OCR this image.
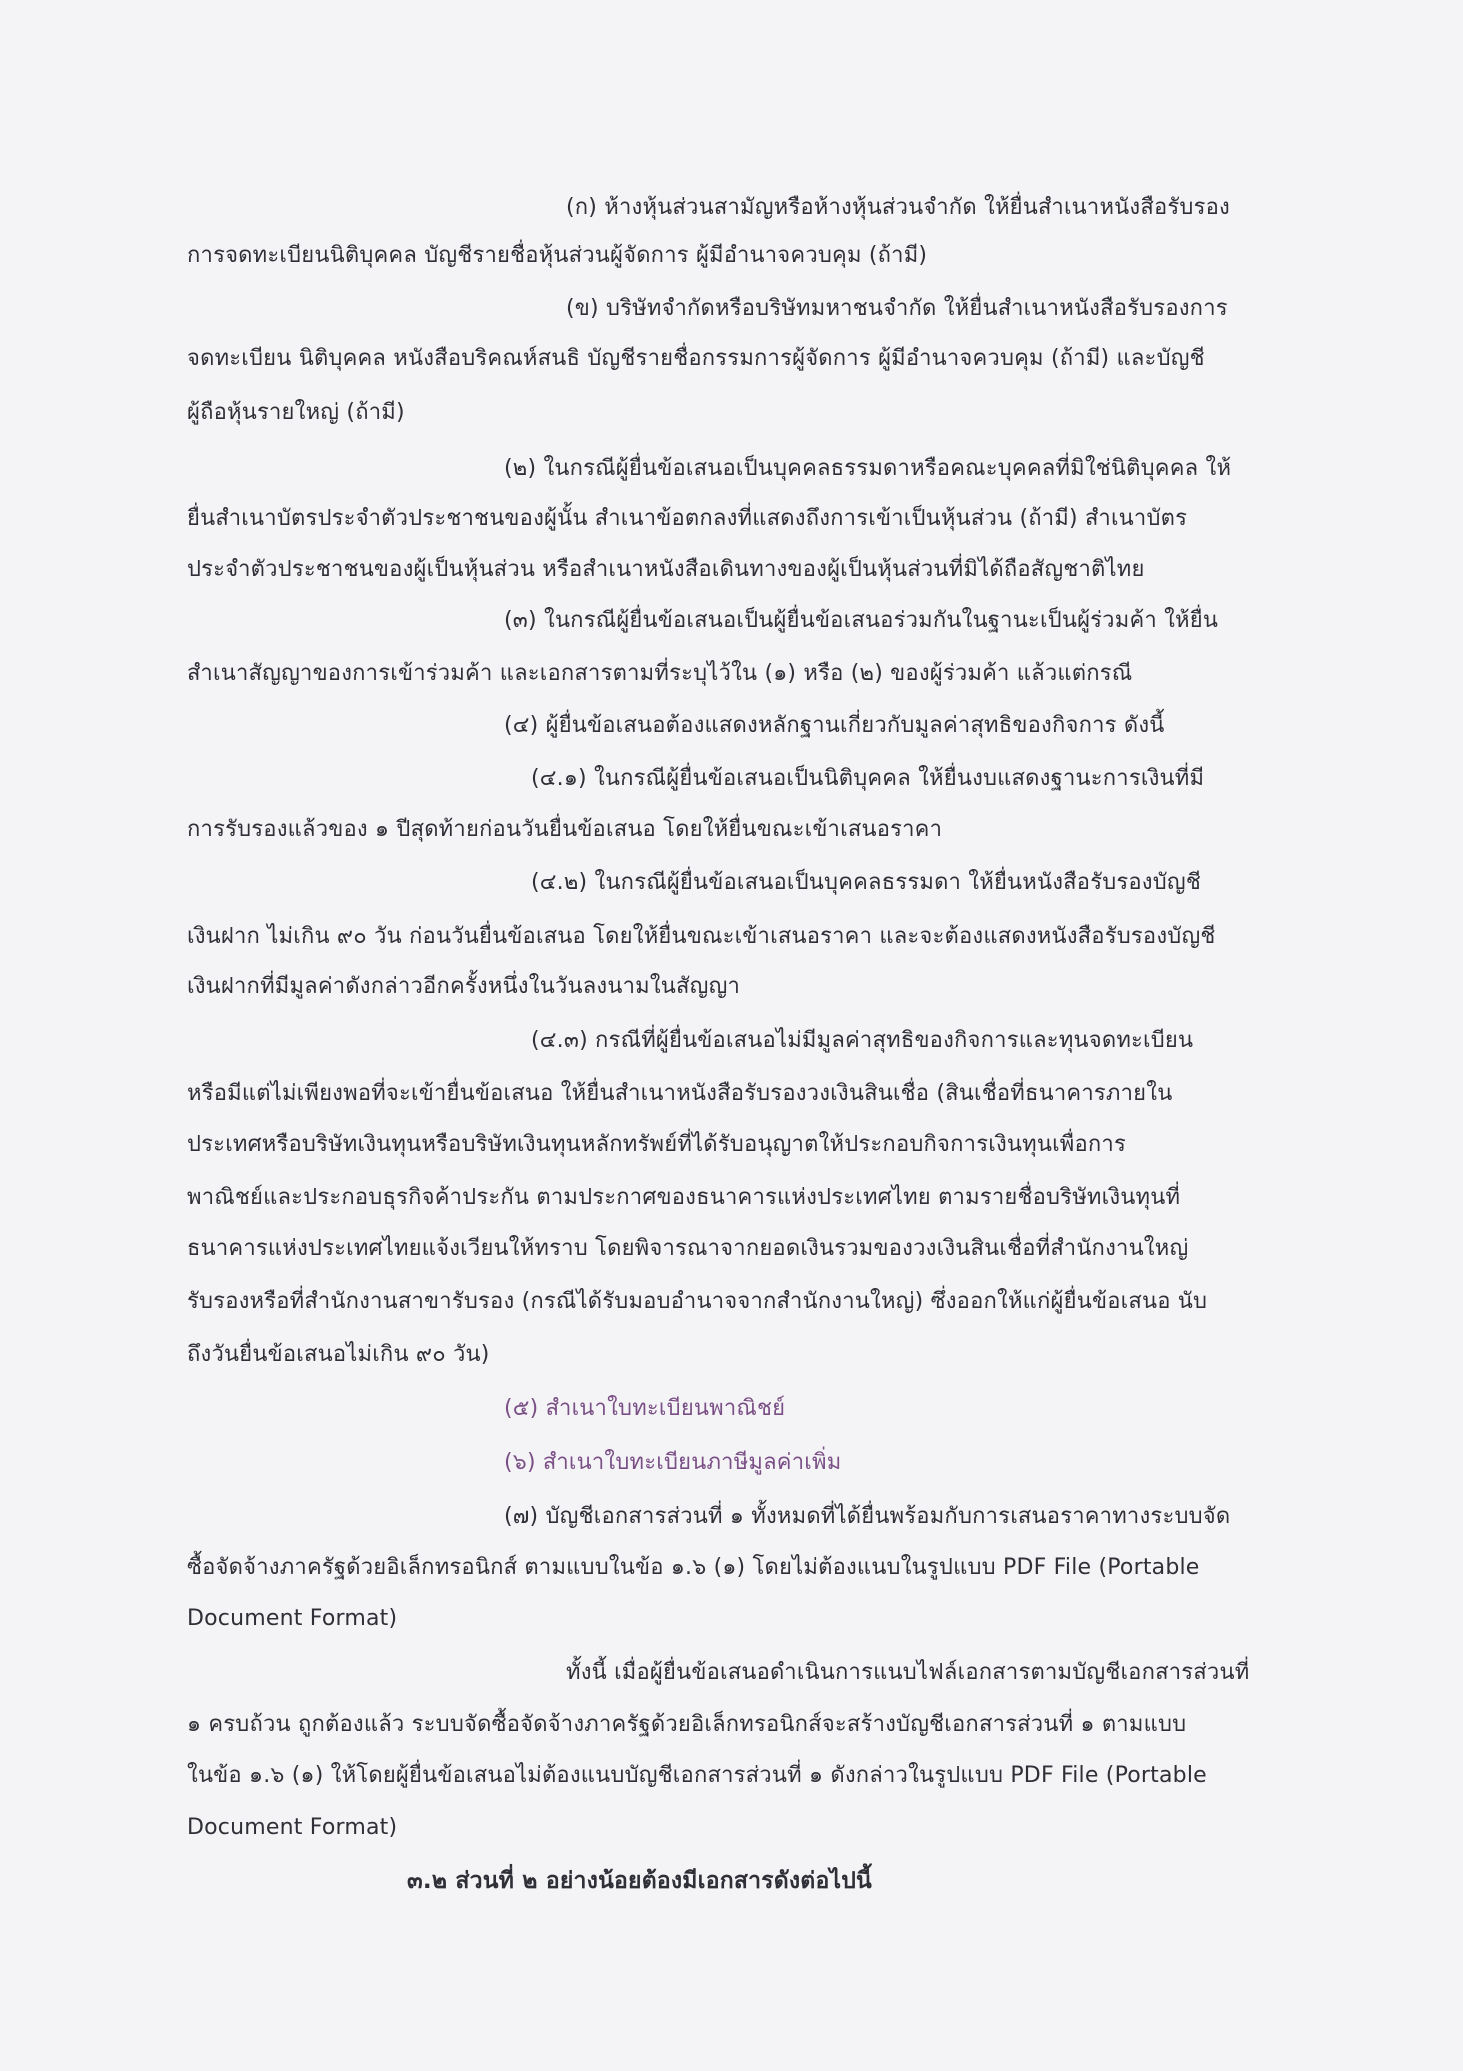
(ก) ห้างหุ้นส่วนสามัญหรือห้างหุ้นส่วนจำกัด ให้ยื่นสำเนาหนังสือรับรอง
การจดทะเบียนนิติบุคคล บัญชีรายชื่อหุ้นส่วนผู้จัดการ ผู้มีอำนาจควบคุม (ถ้ามี)
(ข) บริษัทจำกัดหรือบริษัทมหาชนจำกัด ให้ยื่นสำเนาหนังสือรับรองการ
จดทะเบียน นิติบุคคล หนังสือบริคณห์สนธิ บัญชีรายชื่อกรรมการผู้จัดการ ผู้มีอำนาจควบคุม (ถ้ามี) และบัญชี
ผู้ถือหุ้นรายใหญ่ (ถ้ามี)
(๒) ในกรณีผู้ยื่นข้อเสนอเป็นบุคคลธรรมดาหรือคณะบุคคลที่มิใช่นิติบุคคล ให้
ยื่นสำเนาบัตรประจำตัวประชาชนของผู้นั้น สำเนาข้อตกลงที่แสดงถึงการเข้าเป็นหุ้นส่วน (ถ้ามี) สำเนาบัตร
ประจำตัวประชาชนของผู้เป็นหุ้นส่วน หรือสำเนาหนังสือเดินทางของผู้เป็นหุ้นส่วนที่มิได้ถือสัญชาติไทย
(๓) ในกรณีผู้ยื่นข้อเสนอเป็นผู้ยื่นข้อเสนอร่วมกันในฐานะเป็นผู้ร่วมค้า ให้ยื่น
สำเนาสัญญาของการเข้าร่วมค้า และเอกสารตามที่ระบุไว้ใน (๑) หรือ (๒) ของผู้ร่วมค้า แล้วแต่กรณี
(๔) ผู้ยื่นข้อเสนอต้องแสดงหลักฐานเกี่ยวกับมูลค่าสุทธิของกิจการ ดังนี้
(๔.๑) ในกรณีผู้ยื่นข้อเสนอเป็นนิติบุคคล ให้ยื่นงบแสดงฐานะการเงินที่มี
การรับรองแล้วของ ๑ ปีสุดท้ายก่อนวันยื่นข้อเสนอ โดยให้ยื่นขณะเข้าเสนอราคา
(๔.๒) ในกรณีผู้ยื่นข้อเสนอเป็นบุคคลธรรมดา ให้ยื่นหนังสือรับรองบัญชี
เงินฝาก ไม่เกิน ๙๐ วัน ก่อนวันยื่นข้อเสนอ โดยให้ยื่นขณะเข้าเสนอราคา และจะต้องแสดงหนังสือรับรองบัญชี
เงินฝากที่มีมูลค่าดังกล่าวอีกครั้งหนึ่งในวันลงนามในสัญญา
(๔.๓) กรณีที่ผู้ยื่นข้อเสนอไม่มีมูลค่าสุทธิของกิจการและทุนจดทะเบียน
หรือมีแต่ไม่เพียงพอที่จะเข้ายื่นข้อเสนอ ให้ยื่นสำเนาหนังสือรับรองวงเงินสินเชื่อ (สินเชื่อที่ธนาคารภายใน
ประเทศหรือบริษัทเงินทุนหรือบริษัทเงินทุนหลักทรัพย์ที่ได้รับอนุญาตให้ประกอบกิจการเงินทุนเพื่อการ
พาณิชย์และประกอบธุรกิจค้าประกัน ตามประกาศของธนาคารแห่งประเทศไทย ตามรายชื่อบริษัทเงินทุนที่
ธนาคารแห่งประเทศไทยแจ้งเวียนให้ทราบ โดยพิจารณาจากยอดเงินรวมของวงเงินสินเชื่อที่สำนักงานใหญ่
รับรองหรือที่สำนักงานสาขารับรอง (กรณีได้รับมอบอำนาจจากสำนักงานใหญ่) ซึ่งออกให้แก่ผู้ยื่นข้อเสนอ นับ
ถึงวันยื่นข้อเสนอไม่เกิน ๙๐ วัน)
(๕) สำเนาใบทะเบียนพาณิชย์
(๖) สำเนาใบทะเบียนภาษีมูลค่าเพิ่ม
(๗) บัญชีเอกสารส่วนที่ ๑ ทั้งหมดที่ได้ยื่นพร้อมกับการเสนอราคาทางระบบจัด
ซื้อจัดจ้างภาครัฐด้วยอิเล็กทรอนิกส์ ตามแบบในข้อ ๑.๖ (๑) โดยไม่ต้องแนบในรูปแบบ PDF File (Portable
Document Format)
ทั้งนี้ เมื่อผู้ยื่นข้อเสนอดำเนินการแนบไฟล์เอกสารตามบัญชีเอกสารส่วนที่
๑ ครบถ้วน ถูกต้องแล้ว ระบบจัดซื้อจัดจ้างภาครัฐด้วยอิเล็กทรอนิกส์จะสร้างบัญชีเอกสารส่วนที่ ๑ ตามแบบ
ในข้อ ๑.๖ (๑) ให้โดยผู้ยื่นข้อเสนอไม่ต้องแนบบัญชีเอกสารส่วนที่ ๑ ดังกล่าวในรูปแบบ PDF File (Portable
Document Format)
๓.๒ ส่วนที่ ๒ อย่างน้อยต้องมีเอกสารดังต่อไปนี้
